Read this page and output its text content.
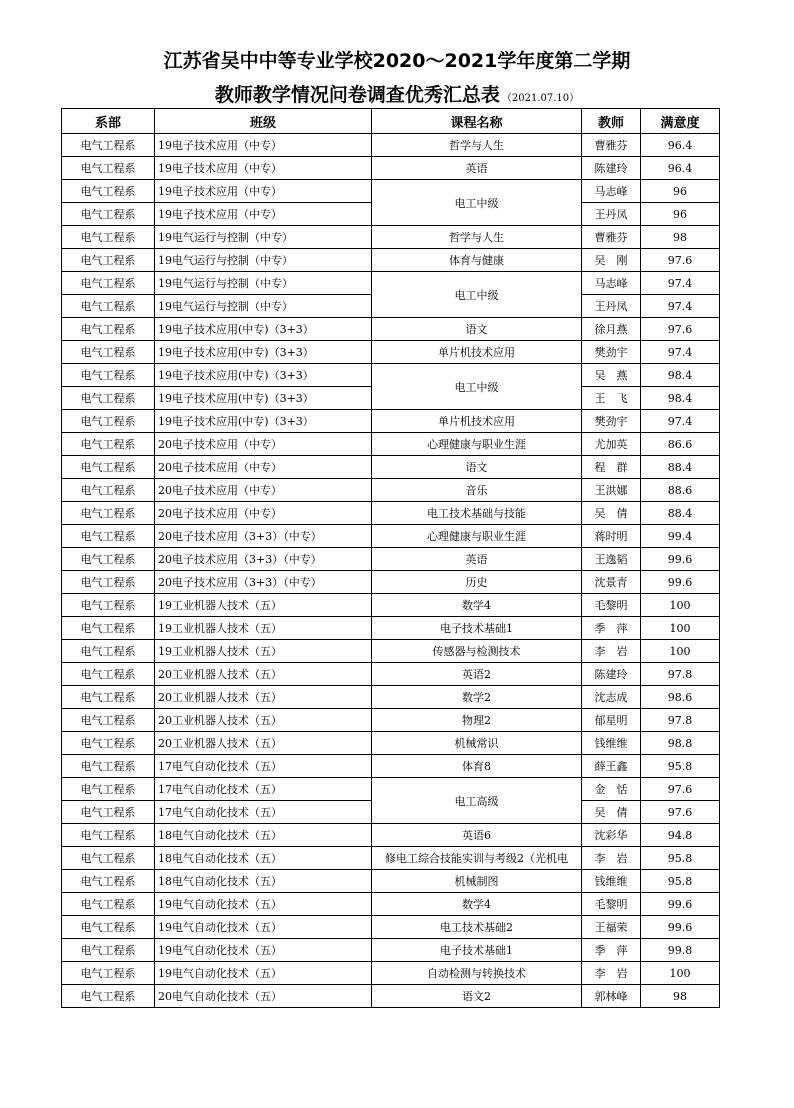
江苏省吴中中等专业学校2020～2021学年度第二学期
教师教学情况问卷调查优秀汇总表 （2021.07.10）
系部	班级	课程名称	教师	满意度
电气工程系	19电子技术应用（中专）	哲学与人生	曹雅芬	96.4
电气工程系	19电子技术应用（中专）	英语	陈建玲	96.4
电气工程系	19电子技术应用（中专）	电工中级	马志峰	96
电气工程系	19电子技术应用（中专）		王丹凤	96
电气工程系	19电气运行与控制（中专）	哲学与人生	曹雅芬	98
电气工程系	19电气运行与控制（中专）	体育与健康	吴　刚	97.6
电气工程系	19电气运行与控制（中专）	电工中级	马志峰	97.4
电气工程系	19电气运行与控制（中专）		王丹凤	97.4
电气工程系	19电子技术应用(中专)（3+3）	语文	徐月燕	97.6
电气工程系	19电子技术应用(中专)（3+3）	单片机技术应用	樊劲宇	97.4
电气工程系	19电子技术应用(中专)（3+3）	电工中级	吴　燕	98.4
电气工程系	19电子技术应用(中专)（3+3）		王　飞	98.4
电气工程系	19电子技术应用(中专)（3+3）	单片机技术应用	樊劲宇	97.4
电气工程系	20电子技术应用（中专）	心理健康与职业生涯	尤加英	86.6
电气工程系	20电子技术应用（中专）	语文	程　群	88.4
电气工程系	20电子技术应用（中专）	音乐	王洪娜	88.6
电气工程系	20电子技术应用（中专）	电工技术基础与技能	吴　倩	88.4
电气工程系	20电子技术应用（3+3）（中专）	心理健康与职业生涯	蒋时明	99.4
电气工程系	20电子技术应用（3+3）（中专）	英语	王逸韬	99.6
电气工程系	20电子技术应用（3+3）（中专）	历史	沈景青	99.6
电气工程系	19工业机器人技术（五）	数学4	毛黎明	100
电气工程系	19工业机器人技术（五）	电子技术基础1	季　萍	100
电气工程系	19工业机器人技术（五）	传感器与检测技术	李　岩	100
电气工程系	20工业机器人技术（五）	英语2	陈建玲	97.8
电气工程系	20工业机器人技术（五）	数学2	沈志成	98.6
电气工程系	20工业机器人技术（五）	物理2	郁星明	97.8
电气工程系	20工业机器人技术（五）	机械常识	钱维维	98.8
电气工程系	17电气自动化技术（五）	体育8	薛王鑫	95.8
电气工程系	17电气自动化技术（五）	电工高级	金　恬	97.6
电气工程系	17电气自动化技术（五）		吴　倩	97.6
电气工程系	18电气自动化技术（五）	英语6	沈彩华	94.8
电气工程系	18电气自动化技术（五）	修电工综合技能实训与考级2（光机电	李　岩	95.8
电气工程系	18电气自动化技术（五）	机械制图	钱维维	95.8
电气工程系	19电气自动化技术（五）	数学4	毛黎明	99.6
电气工程系	19电气自动化技术（五）	电工技术基础2	王福荣	99.6
电气工程系	19电气自动化技术（五）	电子技术基础1	季　萍	99.8
电气工程系	19电气自动化技术（五）	自动检测与转换技术	李　岩	100
电气工程系	20电气自动化技术（五）	语文2	郭林峰	98
